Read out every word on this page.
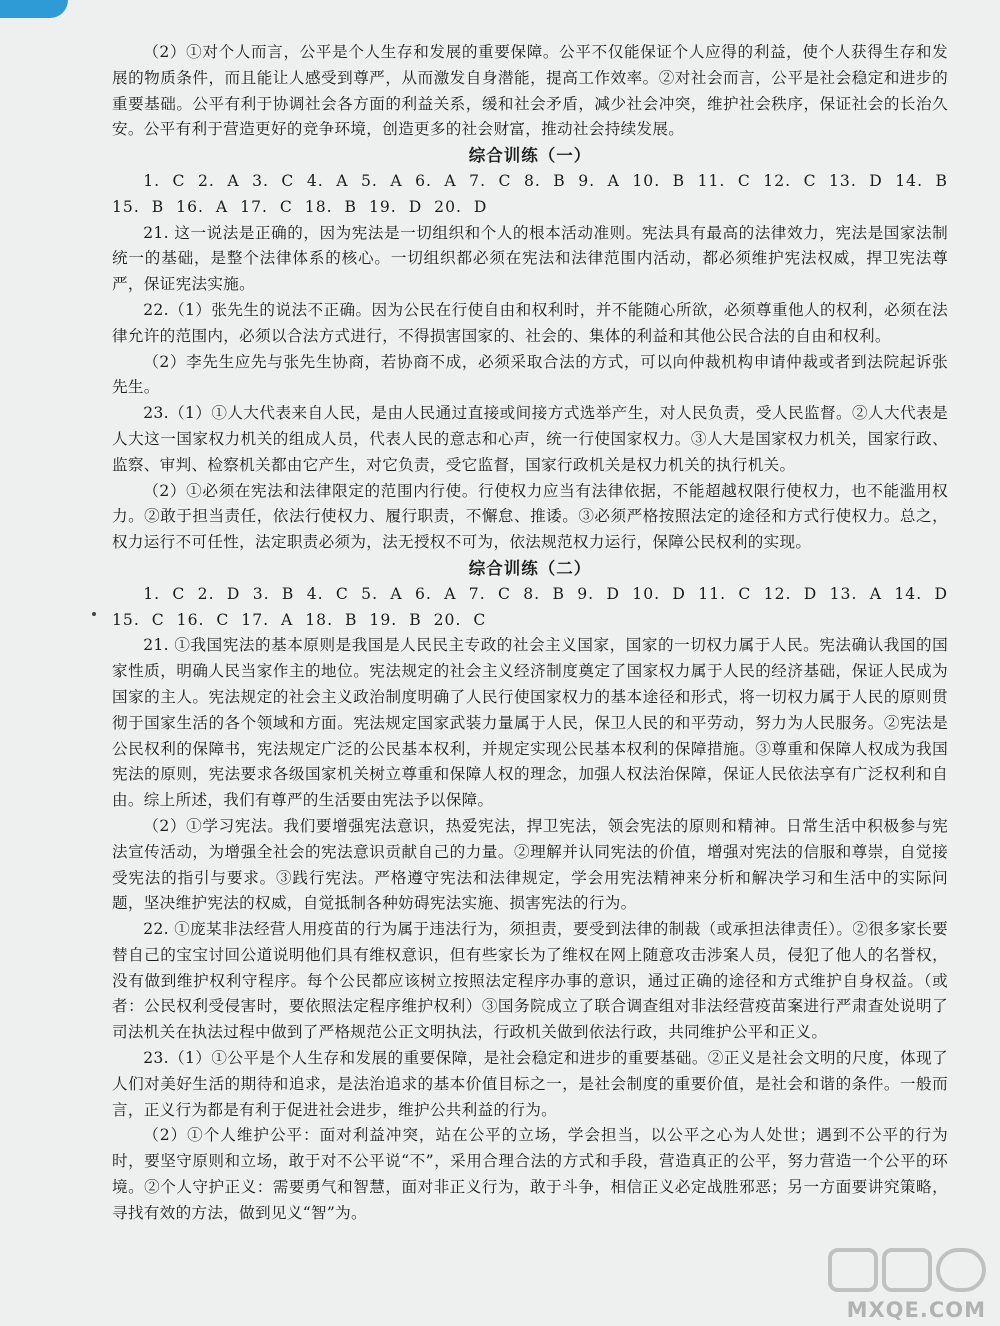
（2）①对个人而言，公平是个人生存和发展的重要保障。公平不仅能保证个人应得的利益，使个人获得生存和发展的物质条件，而且能让人感受到尊严，从而激发自身潜能，提高工作效率。②对社会而言，公平是社会稳定和进步的重要基础。公平有利于协调社会各方面的利益关系，缓和社会矛盾，减少社会冲突，维护社会秩序，保证社会的长治久安。公平有利于营造更好的竞争环境，创造更多的社会财富，推动社会持续发展。

综合训练（一）

1. C 2. A 3. C 4. A 5. A 6. A 7. C 8. B 9. A 10. B 11. C 12. C 13. D 14. B 15. B 16. A 17. C 18. B 19. D 20. D

21. 这一说法是正确的，因为宪法是一切组织和个人的根本活动准则。宪法具有最高的法律效力，宪法是国家法制统一的基础，是整个法律体系的核心。一切组织都必须在宪法和法律范围内活动，都必须维护宪法权威，捍卫宪法尊严，保证宪法实施。

22.（1）张先生的说法不正确。因为公民在行使自由和权利时，并不能随心所欲，必须尊重他人的权利，必须在法律允许的范围内，必须以合法方式进行，不得损害国家的、社会的、集体的利益和其他公民合法的自由和权利。

（2）李先生应先与张先生协商，若协商不成，必须采取合法的方式，可以向仲裁机构申请仲裁或者到法院起诉张先生。

23.（1）①人大代表来自人民，是由人民通过直接或间接方式选举产生，对人民负责，受人民监督。②人大代表是人大这一国家权力机关的组成人员，代表人民的意志和心声，统一行使国家权力。③人大是国家权力机关，国家行政、监察、审判、检察机关都由它产生，对它负责，受它监督，国家行政机关是权力机关的执行机关。

（2）①必须在宪法和法律限定的范围内行使。行使权力应当有法律依据，不能超越权限行使权力，也不能滥用权力。②敢于担当责任，依法行使权力、履行职责，不懈怠、推诿。③必须严格按照法定的途径和方式行使权力。总之，权力运行不可任性，法定职责必须为，法无授权不可为，依法规范权力运行，保障公民权利的实现。

综合训练（二）

1. C 2. D 3. B 4. C 5. A 6. A 7. C 8. B 9. D 10. D 11. C 12. D 13. A 14. D 15. C 16. C 17. A 18. B 19. B 20. C

21. ①我国宪法的基本原则是我国是人民民主专政的社会主义国家，国家的一切权力属于人民。宪法确认我国的国家性质，明确人民当家作主的地位。宪法规定的社会主义经济制度奠定了国家权力属于人民的经济基础，保证人民成为国家的主人。宪法规定的社会主义政治制度明确了人民行使国家权力的基本途径和形式，将一切权力属于人民的原则贯彻于国家生活的各个领域和方面。宪法规定国家武装力量属于人民，保卫人民的和平劳动，努力为人民服务。②宪法是公民权利的保障书，宪法规定广泛的公民基本权利，并规定实现公民基本权利的保障措施。③尊重和保障人权成为我国宪法的原则，宪法要求各级国家机关树立尊重和保障人权的理念，加强人权法治保障，保证人民依法享有广泛权利和自由。综上所述，我们有尊严的生活要由宪法予以保障。

（2）①学习宪法。我们要增强宪法意识，热爱宪法，捍卫宪法，领会宪法的原则和精神。日常生活中积极参与宪法宣传活动，为增强全社会的宪法意识贡献自己的力量。②理解并认同宪法的价值，增强对宪法的信服和尊崇，自觉接受宪法的指引与要求。③践行宪法。严格遵守宪法和法律规定，学会用宪法精神来分析和解决学习和生活中的实际问题，坚决维护宪法的权威，自觉抵制各种妨碍宪法实施、损害宪法的行为。

22. ①庞某非法经营人用疫苗的行为属于违法行为，须担责，要受到法律的制裁（或承担法律责任）。②很多家长要替自己的宝宝讨回公道说明他们具有维权意识，但有些家长为了维权在网上随意攻击涉案人员，侵犯了他人的名誉权，没有做到维护权利守程序。每个公民都应该树立按照法定程序办事的意识，通过正确的途径和方式维护自身权益。（或者：公民权利受侵害时，要依照法定程序维护权利）③国务院成立了联合调查组对非法经营疫苗案进行严肃查处说明了司法机关在执法过程中做到了严格规范公正文明执法，行政机关做到依法行政，共同维护公平和正义。

23.（1）①公平是个人生存和发展的重要保障，是社会稳定和进步的重要基础。②正义是社会文明的尺度，体现了人们对美好生活的期待和追求，是法治追求的基本价值目标之一，是社会制度的重要价值，是社会和谐的条件。一般而言，正义行为都是有利于促进社会进步，维护公共利益的行为。

（2）①个人维护公平：面对利益冲突，站在公平的立场，学会担当，以公平之心为人处世；遇到不公平的行为时，要坚守原则和立场，敢于对不公平说“不”，采用合理合法的方式和手段，营造真正的公平，努力营造一个公平的环境。②个人守护正义：需要勇气和智慧，面对非正义行为，敢于斗争，相信正义必定战胜邪恶；另一方面要讲究策略，寻找有效的方法，做到见义“智”为。

MXQE.COM
